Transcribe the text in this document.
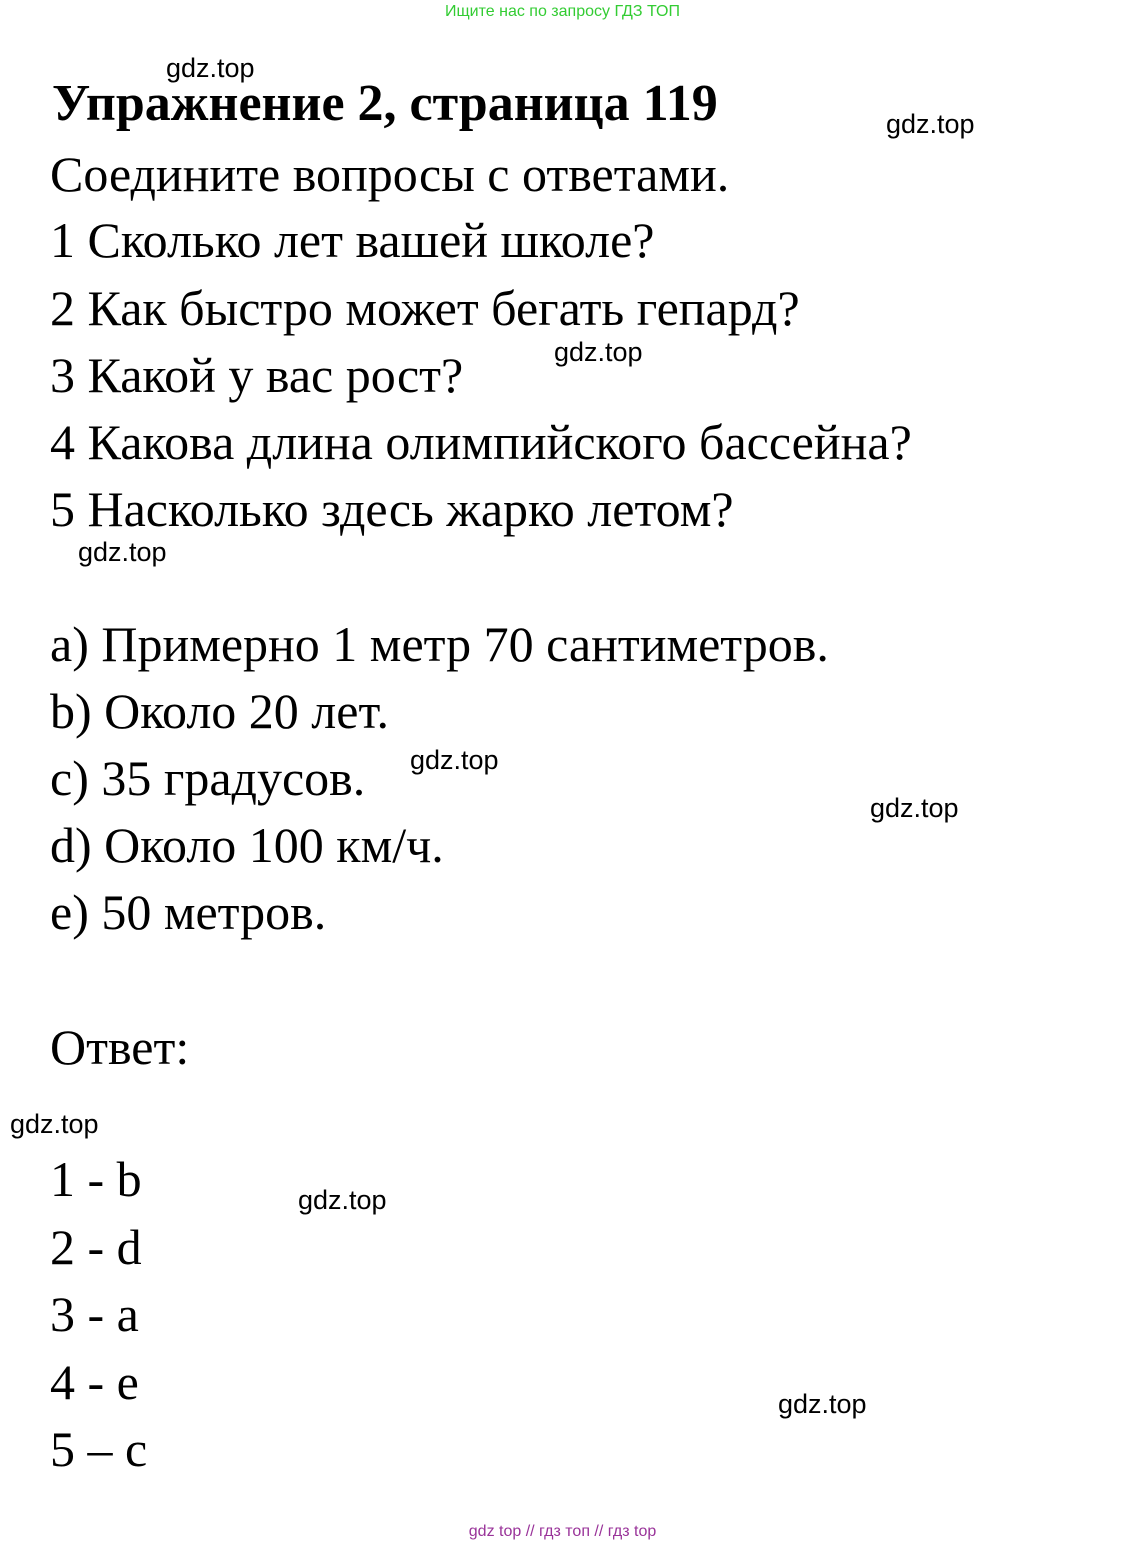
Ищите нас по запросу ГДЗ ТОП
gdz.top
Упражнение 2, страница 119	gdz.top
Соедините вопросы с ответами.
1 Сколько лет вашей школе?
2 Как быстро может бегать гепард?
3 Какой у вас рост?	gdz.top
4 Какова длина олимпийского бассейна?
5 Насколько здесь жарко летом?
gdz.top
a) Примерно 1 метр 70 сантиметров.
b) Около 20 лет.
c) 35 градусов. gdz.top
gdz.top
d) Около 100 км/ч.
e) 50 метров.
Ответ:
gdz.top
1 - b	gdz.top
2 - d
3 - a
4 - e	gdz.top
5 – c
gdz top // гдз топ // гдз top
